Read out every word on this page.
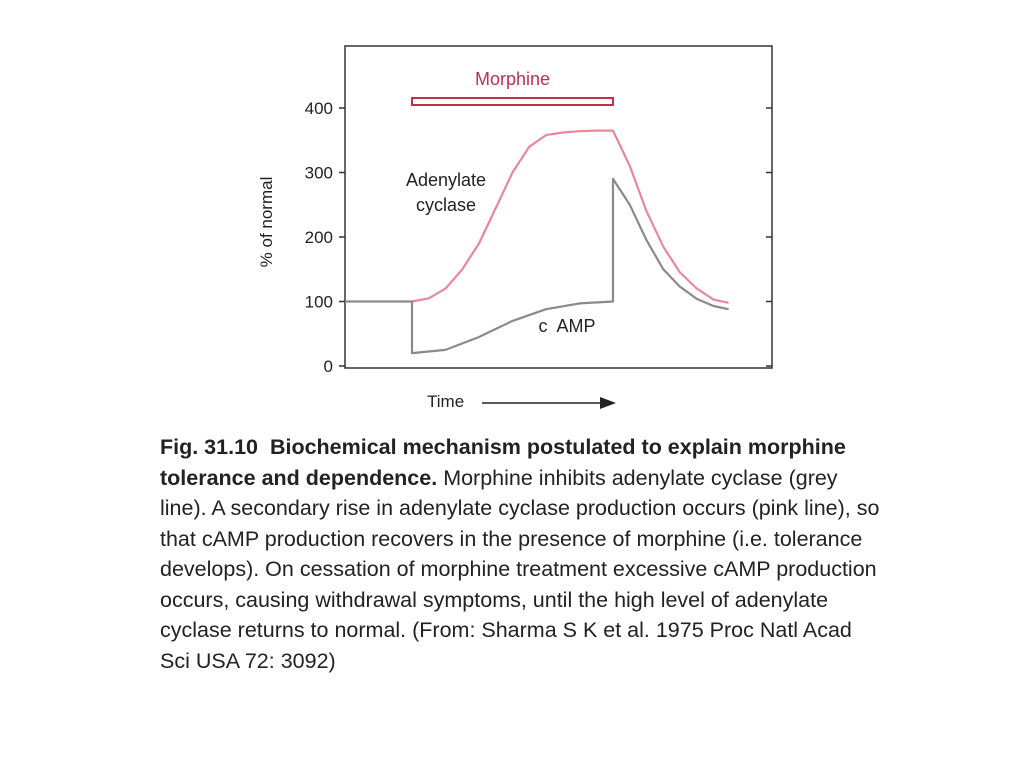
0
100
200
300
400
Morphine
Adenylate
cyclase
c  AMP
% of normal
Time
Fig. 31.10 Biochemical mechanism postulated to explain morphine tolerance and dependence. Morphine inhibits adenylate cyclase (grey line). A secondary rise in adenylate cyclase production occurs (pink line), so that cAMP production recovers in the presence of morphine (i.e. tolerance develops). On cessation of morphine treatment excessive cAMP production occurs, causing withdrawal symptoms, until the high level of adenylate cyclase returns to normal. (From: Sharma S K et al. 1975 Proc Natl Acad Sci USA 72: 3092)
